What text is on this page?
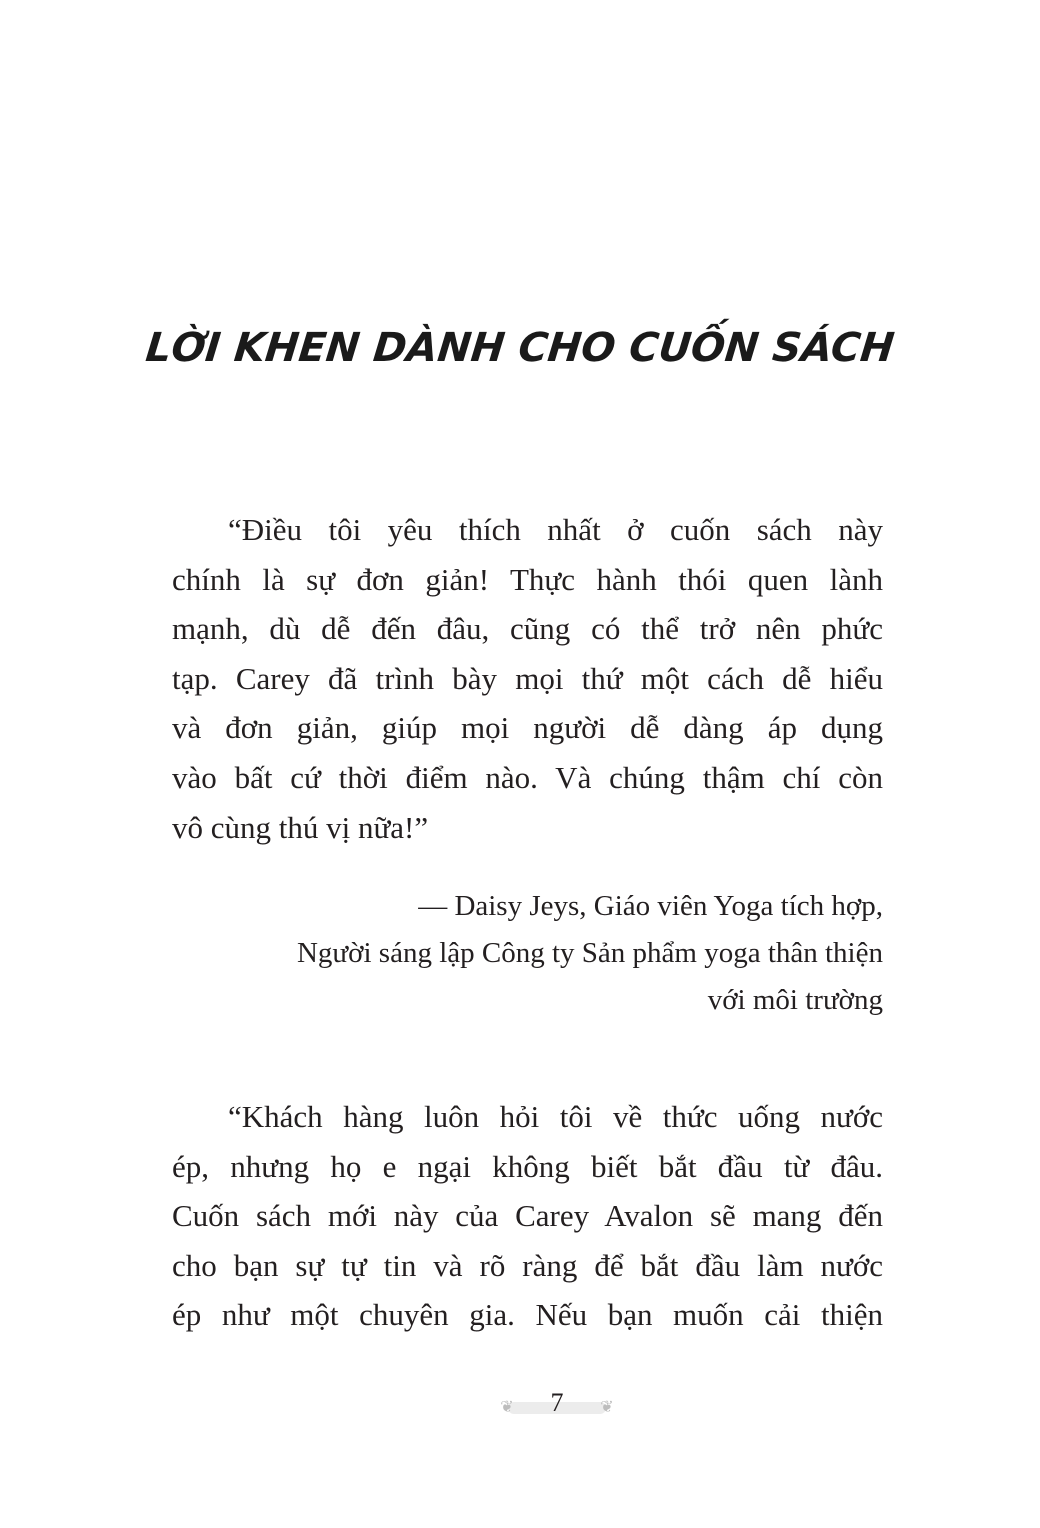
LỜI KHEN DÀNH CHO CUỐN SÁCH
“Điều tôi yêu thích nhất ở cuốn sách này
chính là sự đơn giản! Thực hành thói quen lành
mạnh, dù dễ đến đâu, cũng có thể trở nên phức
tạp. Carey đã trình bày mọi thứ một cách dễ hiểu
và đơn giản, giúp mọi người dễ dàng áp dụng
vào bất cứ thời điểm nào. Và chúng thậm chí còn
vô cùng thú vị nữa!”
— Daisy Jeys, Giáo viên Yoga tích hợp,
Người sáng lập Công ty Sản phẩm yoga thân thiện
với môi trường
“Khách hàng luôn hỏi tôi về thức uống nước
ép, nhưng họ e ngại không biết bắt đầu từ đâu.
Cuốn sách mới này của Carey Avalon sẽ mang đến
cho bạn sự tự tin và rõ ràng để bắt đầu làm nước
ép như một chuyên gia. Nếu bạn muốn cải thiện
❦	❦
7
